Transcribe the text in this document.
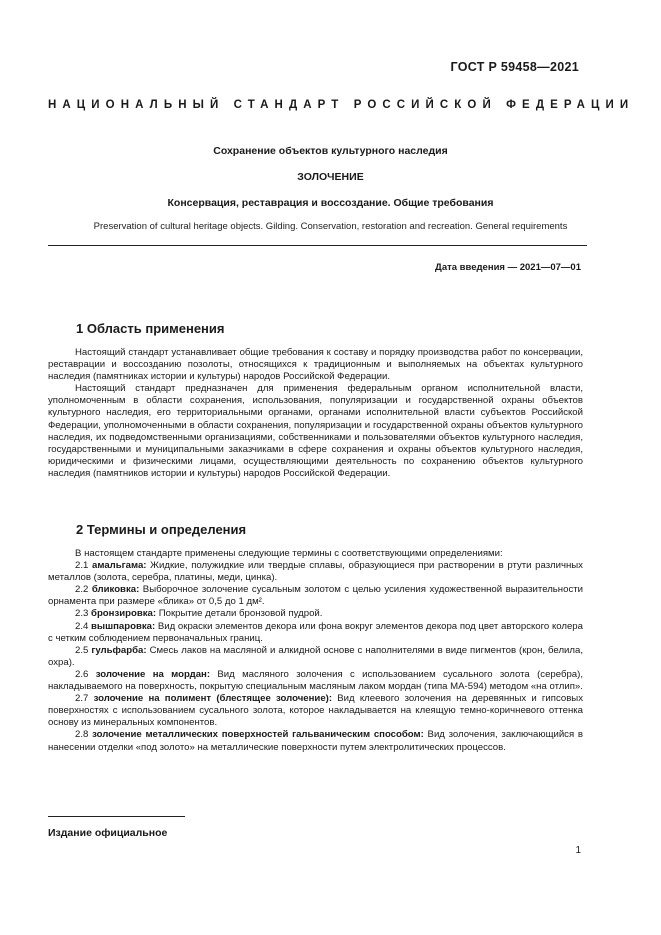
ГОСТ Р 59458—2021
НАЦИОНАЛЬНЫЙ СТАНДАРТ РОССИЙСКОЙ ФЕДЕРАЦИИ
Сохранение объектов культурного наследия
ЗОЛОЧЕНИЕ
Консервация, реставрация и воссоздание. Общие требования
Preservation of cultural heritage objects. Gilding. Conservation, restoration and recreation. General requirements
Дата введения — 2021—07—01
1 Область применения

Настоящий стандарт устанавливает общие требования к составу и порядку производства работ по консервации, реставрации и воссозданию позолоты, относящихся к традиционным и выполняемых на объектах культурного наследия (памятниках истории и культуры) народов Российской Федерации.

Настоящий стандарт предназначен для применения федеральным органом исполнительной власти, уполномоченным в области сохранения, использования, популяризации и государственной охраны объектов культурного наследия, его территориальными органами, органами исполнительной власти субъектов Российской Федерации, уполномоченными в области сохранения, популяризации и государственной охраны объектов культурного наследия, их подведомственными организациями, собственниками и пользователями объектов культурного наследия, государственными и муниципальными заказчиками в сфере сохранения и охраны объектов культурного наследия, юридическими и физическими лицами, осуществляющими деятельность по сохранению объектов культурного наследия (памятников истории и культуры) народов Российской Федерации.

2 Термины и определения

В настоящем стандарте применены следующие термины с соответствующими определениями:

2.1 амальгама: Жидкие, полужидкие или твердые сплавы, образующиеся при растворении в ртути различных металлов (золота, серебра, платины, меди, цинка).

2.2 бликовка: Выборочное золочение сусальным золотом с целью усиления художественной выразительности орнамента при размере «блика» от 0,5 до 1 дм².

2.3 бронзировка: Покрытие детали бронзовой пудрой.

2.4 вышпаровка: Вид окраски элементов декора или фона вокруг элементов декора под цвет авторского колера с четким соблюдением первоначальных границ.

2.5 гульфарба: Смесь лаков на масляной и алкидной основе с наполнителями в виде пигментов (крон, белила, охра).

2.6 золочение на мордан: Вид масляного золочения с использованием сусального золота (серебра), накладываемого на поверхность, покрытую специальным масляным лаком мордан (типа МА-594) методом «на отлип».

2.7 золочение на полимент (блестящее золочение): Вид клеевого золочения на деревянных и гипсовых поверхностях с использованием сусального золота, которое накладывается на клеящую темно-коричневого оттенка основу из минеральных компонентов.

2.8 золочение металлических поверхностей гальваническим способом: Вид золочения, заключающийся в нанесении отделки «под золото» на металлические поверхности путем электролитических процессов.

Издание официальное
1
